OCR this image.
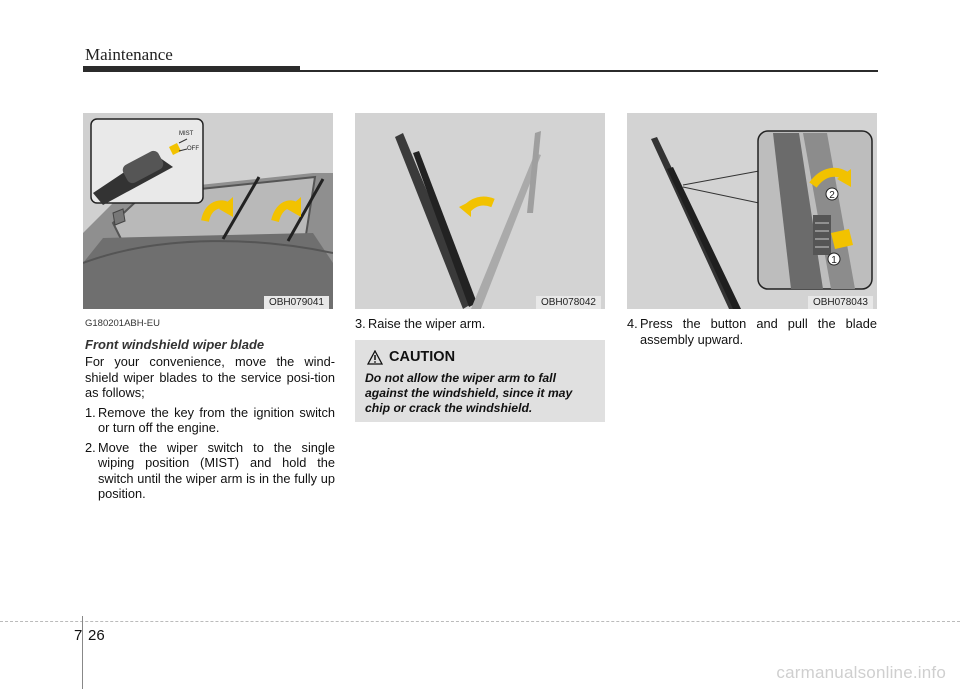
Maintenance
MIST
OFF
OBH079041	OBH078042
2
1
OBH078043
G180201ABH-EU
Front windshield wiper blade

For your convenience, move the wind-shield wiper blades to the service posi-tion as follows;

1. Remove the key from the ignition switch or turn off the engine.
2. Move the wiper switch to the single wiping position (MIST) and hold the switch until the wiper arm is in the fully up position.
3. Raise the wiper arm.
CAUTION
Do not allow the wiper arm to fall against the windshield, since it may chip or crack the windshield.
4. Press the button and pull the blade assembly upward.
7 26
carmanualsonline.info
